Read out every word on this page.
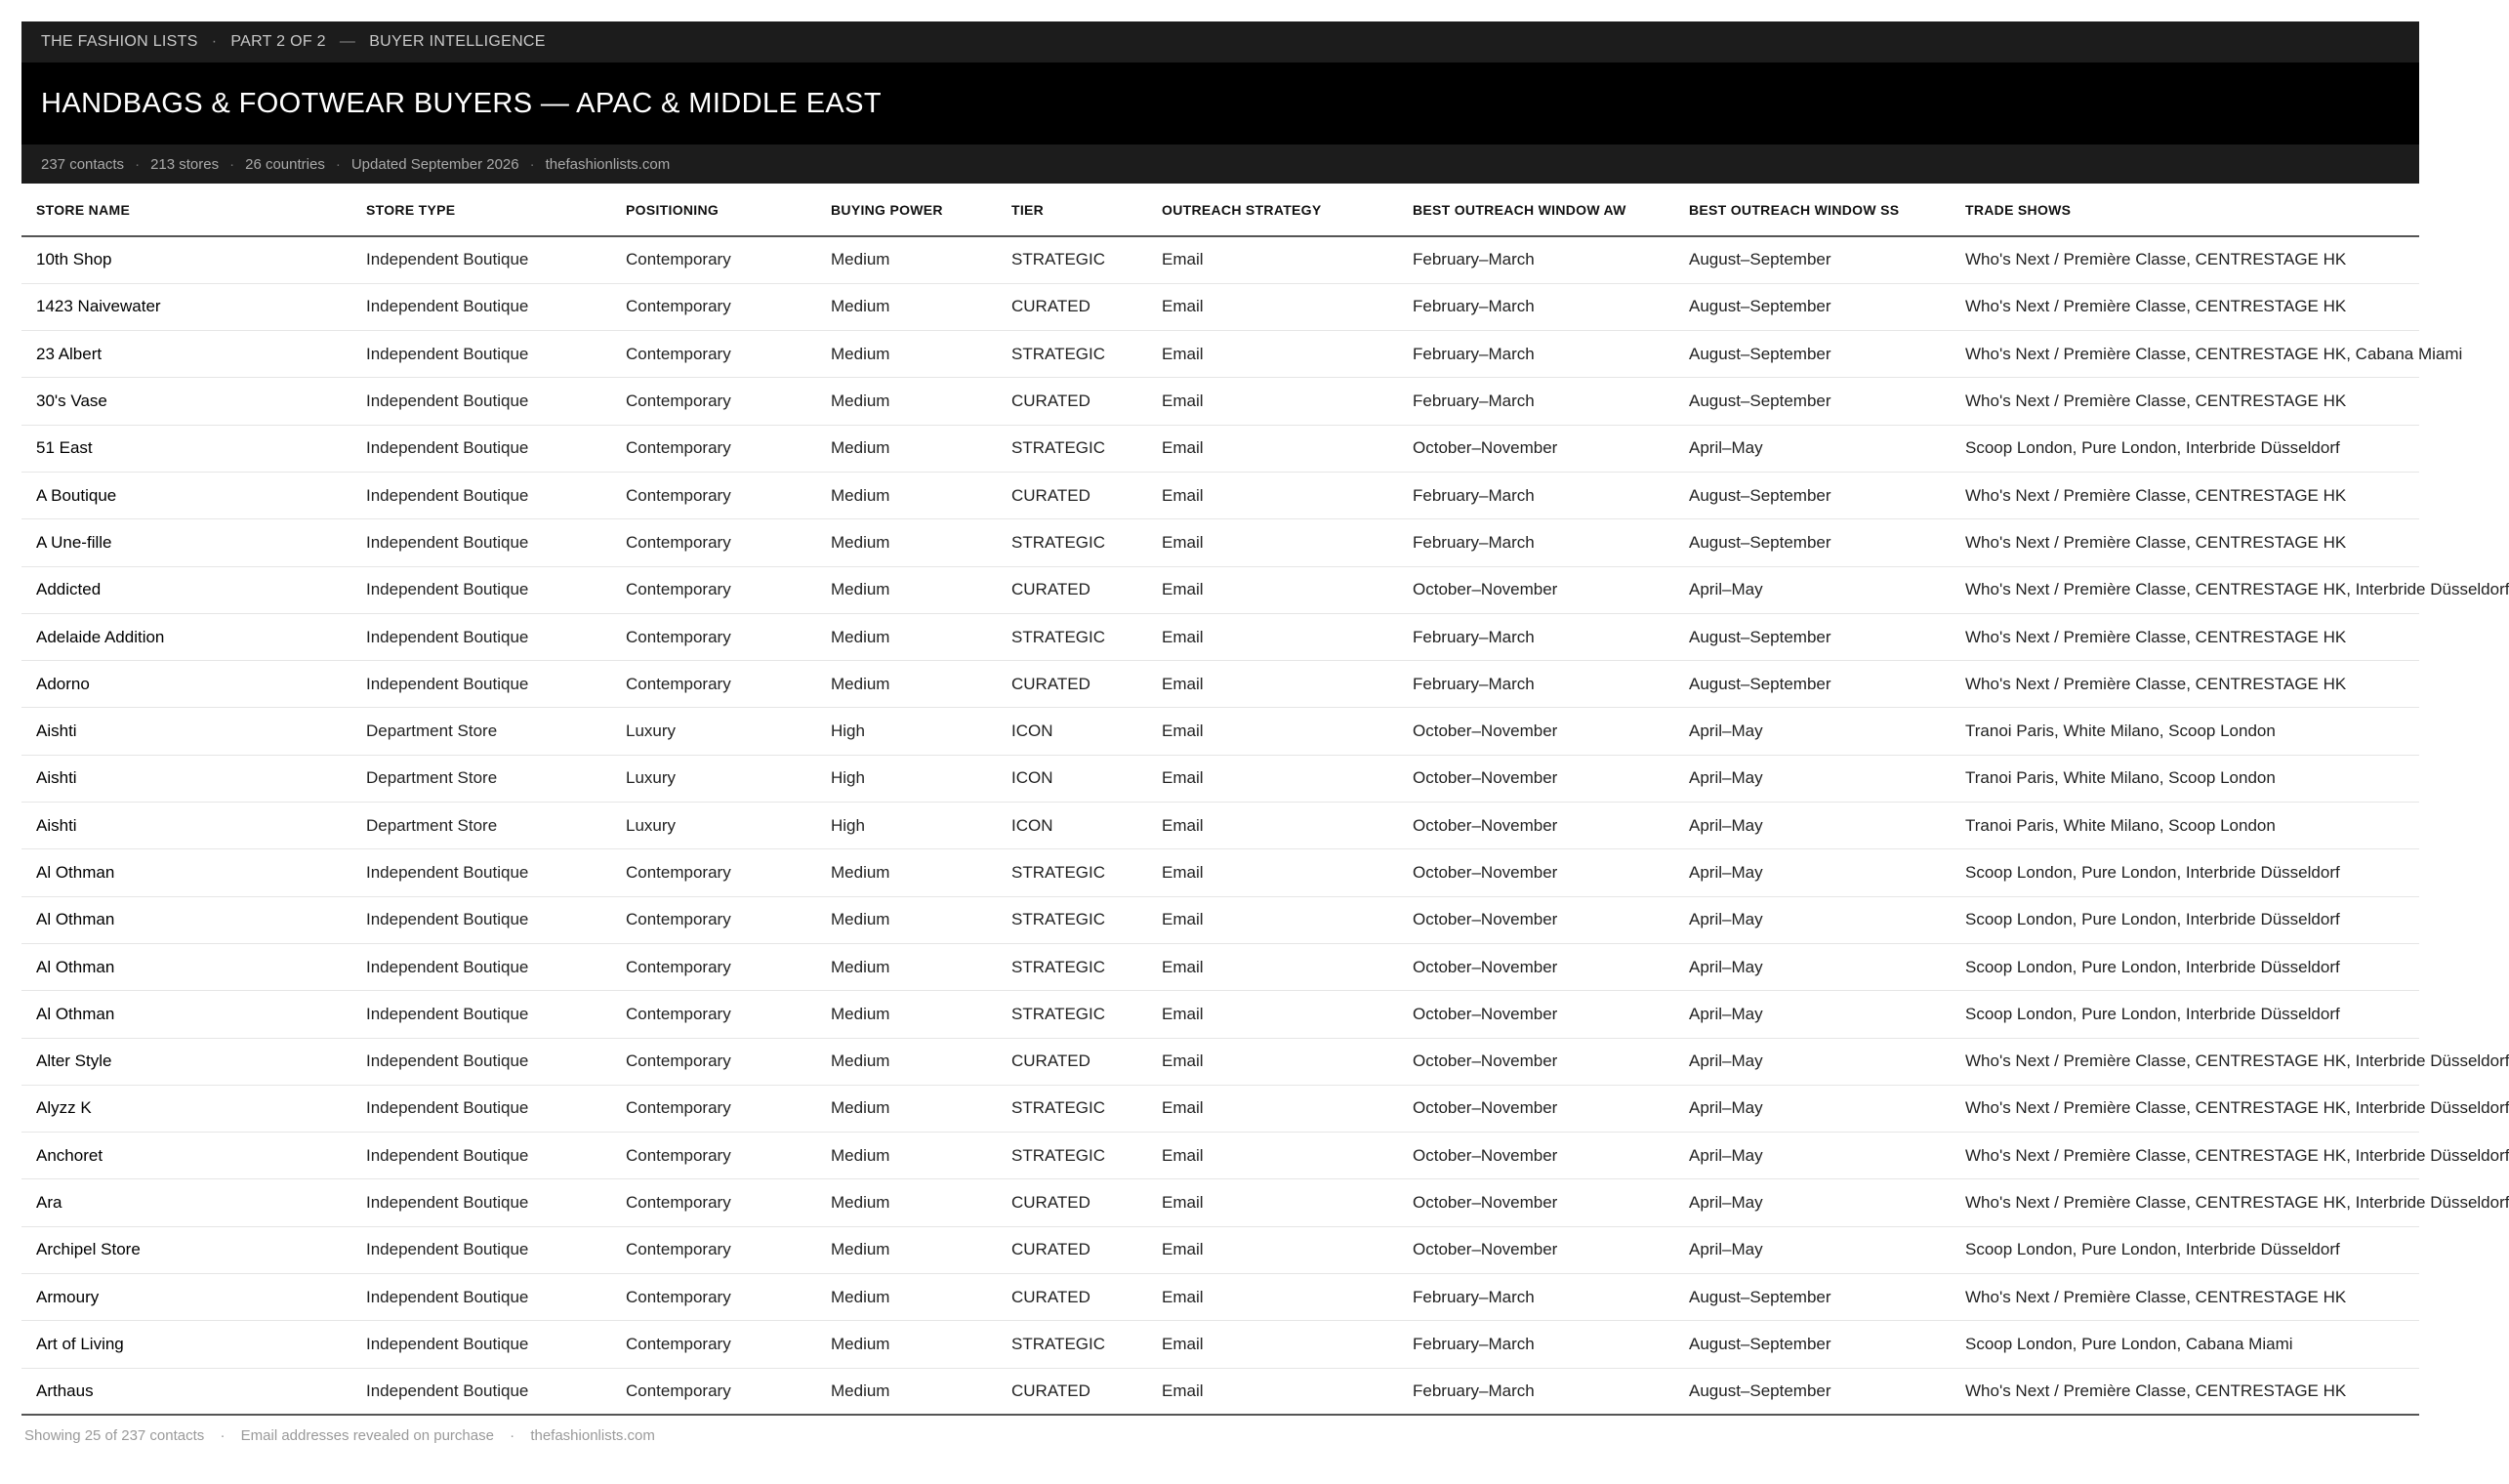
THE FASHION LISTS · PART 2 OF 2 — BUYER INTELLIGENCE
HANDBAGS & FOOTWEAR BUYERS — APAC & MIDDLE EAST
237 contacts · 213 stores · 26 countries · Updated September 2026 · thefashionlists.com
STORE NAME	STORE TYPE	POSITIONING	BUYING POWER	TIER	OUTREACH STRATEGY	BEST OUTREACH WINDOW AW	BEST OUTREACH WINDOW SS	TRADE SHOWS
10th Shop	Independent Boutique	Contemporary	Medium	STRATEGIC	Email	February–March	August–September	Who's Next / Première Classe, CENTRESTAGE HK
1423 Naivewater	Independent Boutique	Contemporary	Medium	CURATED	Email	February–March	August–September	Who's Next / Première Classe, CENTRESTAGE HK
23 Albert	Independent Boutique	Contemporary	Medium	STRATEGIC	Email	February–March	August–September	Who's Next / Première Classe, CENTRESTAGE HK, Cabana Miami
30's Vase	Independent Boutique	Contemporary	Medium	CURATED	Email	February–March	August–September	Who's Next / Première Classe, CENTRESTAGE HK
51 East	Independent Boutique	Contemporary	Medium	STRATEGIC	Email	October–November	April–May	Scoop London, Pure London, Interbride Düsseldorf
A Boutique	Independent Boutique	Contemporary	Medium	CURATED	Email	February–March	August–September	Who's Next / Première Classe, CENTRESTAGE HK
A Une-fille	Independent Boutique	Contemporary	Medium	STRATEGIC	Email	February–March	August–September	Who's Next / Première Classe, CENTRESTAGE HK
Addicted	Independent Boutique	Contemporary	Medium	CURATED	Email	October–November	April–May	Who's Next / Première Classe, CENTRESTAGE HK, Interbride Düsseldorf
Adelaide Addition	Independent Boutique	Contemporary	Medium	STRATEGIC	Email	February–March	August–September	Who's Next / Première Classe, CENTRESTAGE HK
Adorno	Independent Boutique	Contemporary	Medium	CURATED	Email	February–March	August–September	Who's Next / Première Classe, CENTRESTAGE HK
Aishti	Department Store	Luxury	High	ICON	Email	October–November	April–May	Tranoi Paris, White Milano, Scoop London
Aishti	Department Store	Luxury	High	ICON	Email	October–November	April–May	Tranoi Paris, White Milano, Scoop London
Aishti	Department Store	Luxury	High	ICON	Email	October–November	April–May	Tranoi Paris, White Milano, Scoop London
Al Othman	Independent Boutique	Contemporary	Medium	STRATEGIC	Email	October–November	April–May	Scoop London, Pure London, Interbride Düsseldorf
Al Othman	Independent Boutique	Contemporary	Medium	STRATEGIC	Email	October–November	April–May	Scoop London, Pure London, Interbride Düsseldorf
Al Othman	Independent Boutique	Contemporary	Medium	STRATEGIC	Email	October–November	April–May	Scoop London, Pure London, Interbride Düsseldorf
Al Othman	Independent Boutique	Contemporary	Medium	STRATEGIC	Email	October–November	April–May	Scoop London, Pure London, Interbride Düsseldorf
Alter Style	Independent Boutique	Contemporary	Medium	CURATED	Email	October–November	April–May	Who's Next / Première Classe, CENTRESTAGE HK, Interbride Düsseldorf
Alyzz K	Independent Boutique	Contemporary	Medium	STRATEGIC	Email	October–November	April–May	Who's Next / Première Classe, CENTRESTAGE HK, Interbride Düsseldorf
Anchoret	Independent Boutique	Contemporary	Medium	STRATEGIC	Email	October–November	April–May	Who's Next / Première Classe, CENTRESTAGE HK, Interbride Düsseldorf
Ara	Independent Boutique	Contemporary	Medium	CURATED	Email	October–November	April–May	Who's Next / Première Classe, CENTRESTAGE HK, Interbride Düsseldorf
Archipel Store	Independent Boutique	Contemporary	Medium	CURATED	Email	October–November	April–May	Scoop London, Pure London, Interbride Düsseldorf
Armoury	Independent Boutique	Contemporary	Medium	CURATED	Email	February–March	August–September	Who's Next / Première Classe, CENTRESTAGE HK
Art of Living	Independent Boutique	Contemporary	Medium	STRATEGIC	Email	February–March	August–September	Scoop London, Pure London, Cabana Miami
Arthaus	Independent Boutique	Contemporary	Medium	CURATED	Email	February–March	August–September	Who's Next / Première Classe, CENTRESTAGE HK
Showing 25 of 237 contacts · Email addresses revealed on purchase · thefashionlists.com
